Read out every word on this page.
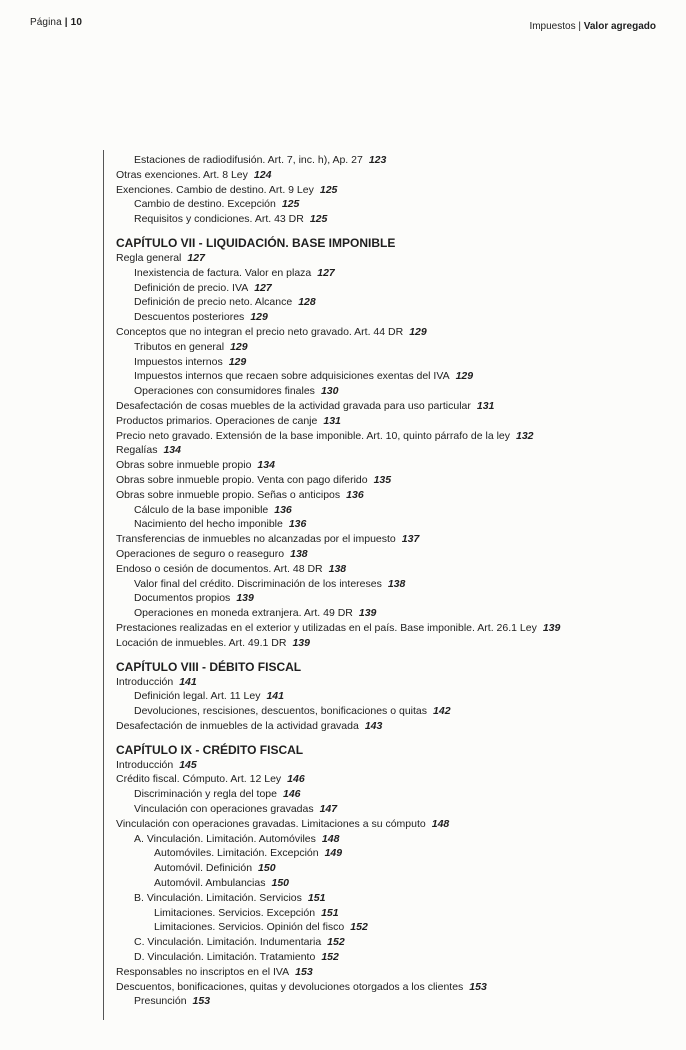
Página | 10	Impuestos | Valor agregado
Estaciones de radiodifusión. Art. 7, inc. h), Ap. 27 123
Otras exenciones. Art. 8 Ley 124
Exenciones. Cambio de destino. Art. 9 Ley 125
Cambio de destino. Excepción 125
Requisitos y condiciones. Art. 43 DR 125
CAPÍTULO VII - LIQUIDACIÓN. BASE IMPONIBLE
Regla general 127
Inexistencia de factura. Valor en plaza 127
Definición de precio. IVA 127
Definición de precio neto. Alcance 128
Descuentos posteriores 129
Conceptos que no integran el precio neto gravado. Art. 44 DR 129
Tributos en general 129
Impuestos internos 129
Impuestos internos que recaen sobre adquisiciones exentas del IVA 129
Operaciones con consumidores finales 130
Desafectación de cosas muebles de la actividad gravada para uso particular 131
Productos primarios. Operaciones de canje 131
Precio neto gravado. Extensión de la base imponible. Art. 10, quinto párrafo de la ley 132
Regalías 134
Obras sobre inmueble propio 134
Obras sobre inmueble propio. Venta con pago diferido 135
Obras sobre inmueble propio. Señas o anticipos 136
Cálculo de la base imponible 136
Nacimiento del hecho imponible 136
Transferencias de inmuebles no alcanzadas por el impuesto 137
Operaciones de seguro o reaseguro 138
Endoso o cesión de documentos. Art. 48 DR 138
Valor final del crédito. Discriminación de los intereses 138
Documentos propios 139
Operaciones en moneda extranjera. Art. 49 DR 139
Prestaciones realizadas en el exterior y utilizadas en el país. Base imponible. Art. 26.1 Ley 139
Locación de inmuebles. Art. 49.1 DR 139
CAPÍTULO VIII - DÉBITO FISCAL
Introducción 141
Definición legal. Art. 11 Ley 141
Devoluciones, rescisiones, descuentos, bonificaciones o quitas 142
Desafectación de inmuebles de la actividad gravada 143
CAPÍTULO IX - CRÉDITO FISCAL
Introducción 145
Crédito fiscal. Cómputo. Art. 12 Ley 146
Discriminación y regla del tope 146
Vinculación con operaciones gravadas 147
Vinculación con operaciones gravadas. Limitaciones a su cómputo 148
A. Vinculación. Limitación. Automóviles 148
Automóviles. Limitación. Excepción 149
Automóvil. Definición 150
Automóvil. Ambulancias 150
B. Vinculación. Limitación. Servicios 151
Limitaciones. Servicios. Excepción 151
Limitaciones. Servicios. Opinión del fisco 152
C. Vinculación. Limitación. Indumentaria 152
D. Vinculación. Limitación. Tratamiento 152
Responsables no inscriptos en el IVA 153
Descuentos, bonificaciones, quitas y devoluciones otorgados a los clientes 153
Presunción 153
